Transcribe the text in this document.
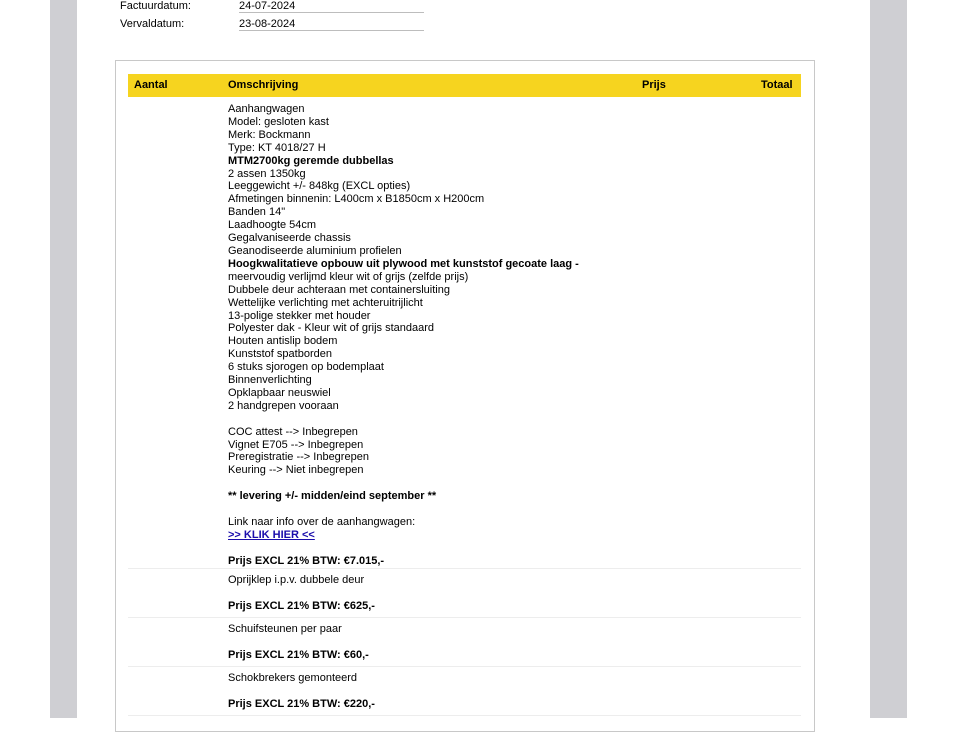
Factuurdatum:	24-07-2024
Vervaldatum:	23-08-2024
Aantal	Omschrijving	Prijs	Totaal
Aanhangwagen
Model: gesloten kast
Merk: Bockmann
Type: KT 4018/27 H
MTM2700kg geremde dubbellas
2 assen 1350kg
Leeggewicht +/- 848kg (EXCL opties)
Afmetingen binnenin: L400cm x B1850cm x H200cm
Banden 14"
Laadhoogte 54cm
Gegalvaniseerde chassis
Geanodiseerde aluminium profielen
Hoogkwalitatieve opbouw uit plywood met kunststof gecoate laag -
meervoudig verlijmd kleur wit of grijs (zelfde prijs)
Dubbele deur achteraan met containersluiting
Wettelijke verlichting met achteruitrijlicht
13-polige stekker met houder
Polyester dak - Kleur wit of grijs standaard
Houten antislip bodem
Kunststof spatborden
6 stuks sjorogen op bodemplaat
Binnenverlichting
Opklapbaar neuswiel
2 handgrepen vooraan
COC attest --> Inbegrepen
Vignet E705 --> Inbegrepen
Preregistratie --> Inbegrepen
Keuring --> Niet inbegrepen
** levering +/- midden/eind september **
Link naar info over de aanhangwagen:
>> KLIK HIER <<
Prijs EXCL 21% BTW: €7.015,-
Oprijklep i.p.v. dubbele deur
Prijs EXCL 21% BTW: €625,-
Schuifsteunen per paar
Prijs EXCL 21% BTW: €60,-
Schokbrekers gemonteerd
Prijs EXCL 21% BTW: €220,-
